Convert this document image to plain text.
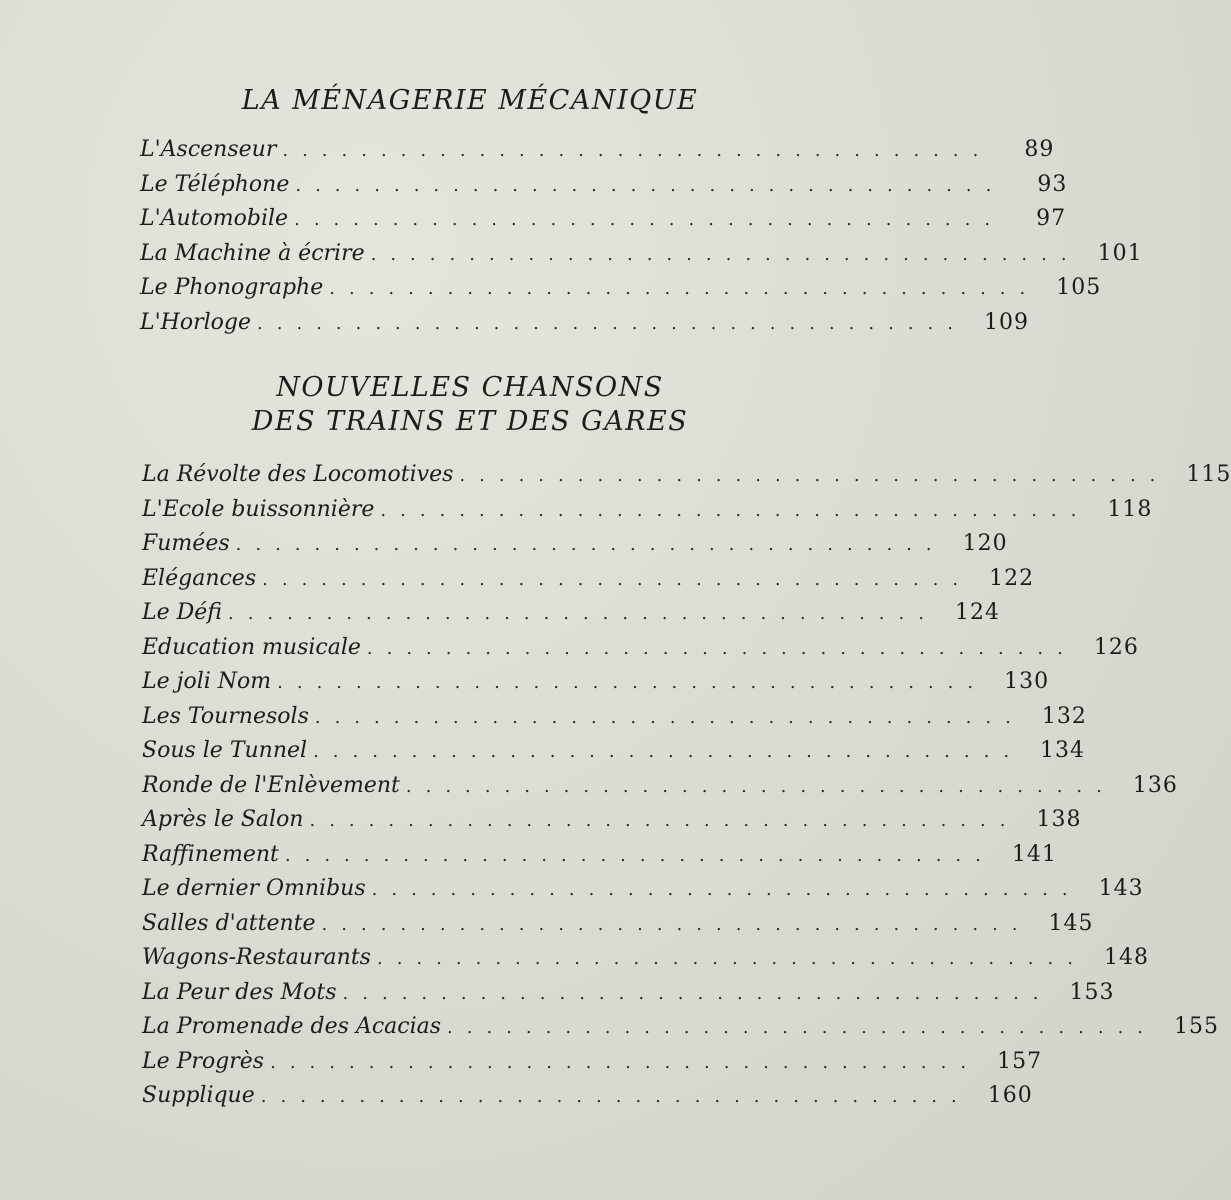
LA MÉNAGERIE MÉCANIQUE
L'Ascenseur ....................................	89
Le Téléphone ....................................	93
L'Automobile ....................................	97
La Machine à écrire .................................... 101
Le Phonographe .................................... 105
L'Horloge .................................... 109
NOUVELLES CHANSONS
DES TRAINS ET DES GARES
La Révolte des Locomotives .................................... 115
L'Ecole buissonnière .................................... 118
Fumées .................................... 120
Elégances .................................... 122
Le Défi .................................... 124
Education musicale .................................... 126
Le joli Nom .................................... 130
Les Tournesols .................................... 132
Sous le Tunnel .................................... 134
Ronde de l'Enlèvement .................................... 136
Après le Salon .................................... 138
Raffinement .................................... 141
Le dernier Omnibus .................................... 143
Salles d'attente .................................... 145
Wagons-Restaurants .................................... 148
La Peur des Mots .................................... 153
La Promenade des Acacias .................................... 155
Le Progrès .................................... 157
Supplique .................................... 160
